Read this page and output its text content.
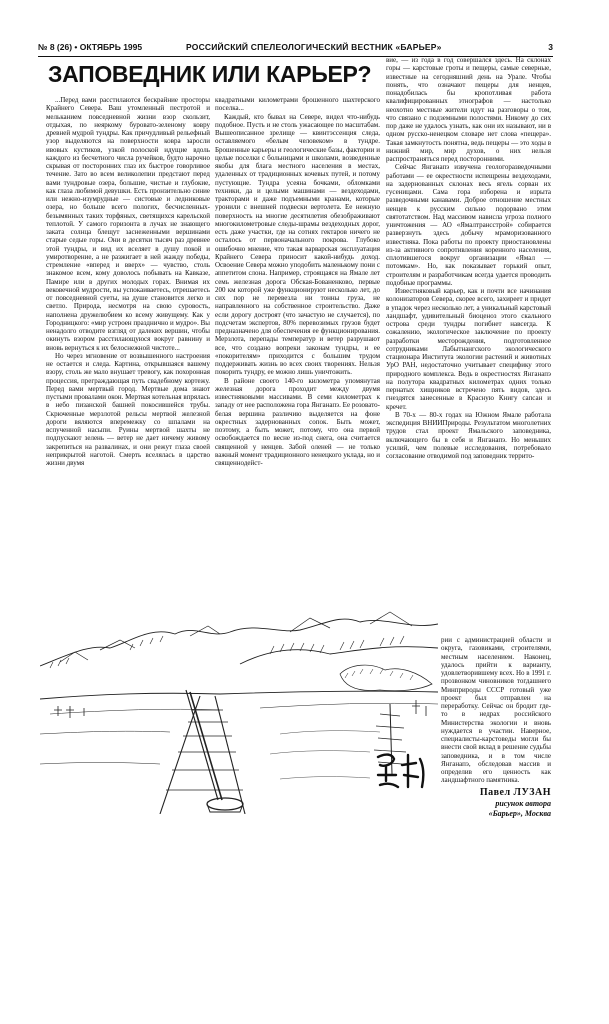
№ 8 (26) • ОКТЯБРЬ 1995	РОССИЙСКИЙ СПЕЛЕОЛОГИЧЕСКИЙ ВЕСТНИК «БАРЬЕР»	3
ЗАПОВЕДНИК ИЛИ КАРЬЕР?

...Перед вами расстилаются бескрайние просторы Крайнего Севера. Ваш утомленный пестротой и мельканием повседневной жизни взор скользит, отдыхая, по неяркому буровато-зеленому ковру древней мудрой тундры. Как причудливый рельефный узор выделяются на поверхности ковра заросли ивовых кустиков, узкой полоской идущие вдоль каждого из бесчетного числа ручейков, будто нарочно скрывая от посторонних глаз их быстрое говорливое течение. Зато во всем великолепии предстают перед вами тундровые озера, большие, чистые и глубокие, как глаза любимой девушки. Есть пронзительно синие или нежно-изумрудные — систовые и ледниковые озера, но больше всего пологих, бесчисленных-безымянных таких торфяных, светящихся карельской теплотой. У самого горизонта в лучах не знающего заката солнца блещут заснеженными вершинами старые седые горы. Они в десятки тысяч раз древнее этой тундры, и вид их вселяет в душу покой и умиротворение, а не разжигает в ней жажду победы, стремление «вперед и вверх» — чувство, столь знакомое всем, кому доволось побывать на Кавказе, Памире или в других молодых горах. Внимая их вековечной мудрости, вы успокаиваетесь, отрешаетесь от повседневной суеты, на душе становится легко и светло. Природа, несмотря на свою суровость, наполнена дружелюбием ко всему живущему. Как у Городницкого: «мир устроен празднично и мудро». Вы ненадолго отводите взгляд от далеких вершин, чтобы окинуть взором расстилающуюся вокруг равнину и вновь вернуться к их белоснежной чистоте...

Но через мгновение от возвышенного настроения не остается и следа. Картина, открывшаяся вашему взору, столь же мало внушает тревогу, как похоронная процессия, преграждающая путь свадебному кортежу. Перед вами мертвый город. Мертвые дома знают пустыми провалами окон. Мертвая котельная впрялась в небо пизанской башней покосившейся трубы. Скрюченные мерзлотой рельсы мертвой железной дороги вяляются вперемежку со шпалами на вспученной насыпи. Руины мертвой шахты не подпускают зелень — ветер не дает ничему живому закрепиться на развалинах, и они режут глаза своей неприкрытой наготой. Смерть вселялась в царство жизни двумя

квадратными километрами брошенного шахтерского поселка...

Каждый, кто бывал на Севере, видел что-нибудь подобное. Пусть и не столь ужасающее по масштабам. Вышеописанное зрелище — квинтэссенция следа, оставляемого «белым человеком» в тундре. Брошенные карьеры и геологические базы, фактории и целые поселки с больницами и школами, возведенные якобы для блага местного населения в местах, удаленных от традиционных кочевых путей, и потому пустующие. Тундра усеяна бочками, обломками техники, да и целыми машинами — вездеходами, тракторами и даже подъемными кранами, которые уронили с внешней подвески вертолета. Ее нежную поверхность на многие десятилетия обезображивают многокилометровые следы-шрамы вездеходных дорог, есть даже участки, где на сотнях гектаров ничего не осталось от первоначального покрова. Глубоко ошибочно мнение, что такая варварская эксплуатация Крайнего Севера приносит какой-нибудь доход. Освоение Севера можно уподобить маленькому пони с аппетитом слона. Например, строящаяся на Ямале лет семь железная дорога Обская-Бованенково, первые 200 км которой уже функционируют несколько лет, до сих пор не перевезла ни тонны груза, не направленного на собственное строительство. Даже если дорогу достроят (что зачастую не случается), по подсчетам экспертов, 80% перевозимых грузов будет предназначено для обеспечения ее функционирования. Мерзлота, перепады температур и ветер разрушают все, что создано вопреки законам тундры, и ее «покорителям» приходится с большим трудом поддерживать жизнь во всех своих творениях. Нельзя покорить тундру, ее можно лишь уничтожить.

В районе своего 140-го километра упомянутая железная дорога проходит между двумя известняковыми массивами. В семи километрах к западу от нее расположена гора Янганапэ. Ее розовато-белая вершина различию выделяется на фоне окрестных задернованных сопок. Быть может, поэтому, а быть может, потому, что она первой освобождается по весне из-под снега, она считается священной у ненцев. Забой оленей — не только важный момент традиционного ненецкого уклада, но и священнодейст-

вие, — из года в год совершался здесь. На склонах горы — карстовые гроты и пещеры, самые северные, известные на сегодняшний день на Урале. Чтобы понять, что означают пещеры для ненцев, понадобилась бы кропотливая работа квалифицированных этнографов — настолько неохотно местные жители идут на разговоры о том, что связано с подземными полостями. Никому до сих пор даже не удалось узнать, как они их называют, ни в одном русско-ненецком словаре нет слова «пещера». Такая замкнутость понятна, ведь пещеры — это ходы в нижний мир, мир духов, о них нельзя распространяться перед посторонними.

Сейчас Янганапэ извучена геологоразведочными работами — ее окрестности испещрены вездеходами, на задернованных склонах весь ягель сорван их гусеницами. Сама гора изборена и изрыта разведочными канавами. Доброе отношение местных ненцев к русским сильно подорвано этим святотатством. Над массивом нависла угроза полного уничтожения — АО «Ямалтранcстрой» собирается разверзнуть здесь добычу мраморизованного известняка. Пока работы по проекту приостановлены из-за активного сопротивления коренного населения, сплотившегося вокруг организации «Ямал — потомкам». Но, как показывает горький опыт, строителям и разработчикам всегда удается проводить подобные программы.

Известняковый карьер, как и почти все начинания колонизаторов Севера, скорее всего, захиреет и придет в упадок через несколько лет, а уникальный карстовый ландшафт, удивительный биоценоз этого скального острова среди тундры погибнет навсегда. К сожалению, экологическое заключение по проекту разработки месторождения, подготовленное сотрудниками Лабытнангского экологического стационара Института экологии растений и животных УрО РАН, недостаточно учитывает специфику этого природного комплекса. Ведь в окрестностях Янганапэ на полутора квадратных километрах одних только пернатых хищников встречено пять видов, здесь гнездятся занесенные в Красную Книгу сапсан и кречет.

В 70-х — 80-х годах на Южном Ямале работала экспедиция ВНИИПрироды. Результатом многолетних трудов стал проект Ямальского заповедника, включающего бы в себя и Янганапэ. Но меньших усилий, чем полевые исследования, потребовало согласование отводимой под заповедник террито-

рии с администрацией области и округа, газовиками, строителями, местным населением. Наконец, удалось прийти к варианту, удовлетворившему всех. Но в 1991 г. прозвонком чиновников тогдашнего Минприроды СССР готовый уже проект был отправлен на переработку. Сейчас он бродит где-то в недрах российского Министерства экологии и вновь нуждается в участии. Наверное, специалисты-карстоведы могли бы внести свой вклад в решение судьбы заповедника, и в том числе Янганапэ, обследовав массив и определив его ценность как ландшафтного памятника.

Павел ЛУЗАН
рисунок автора
«Барьер», Москва
